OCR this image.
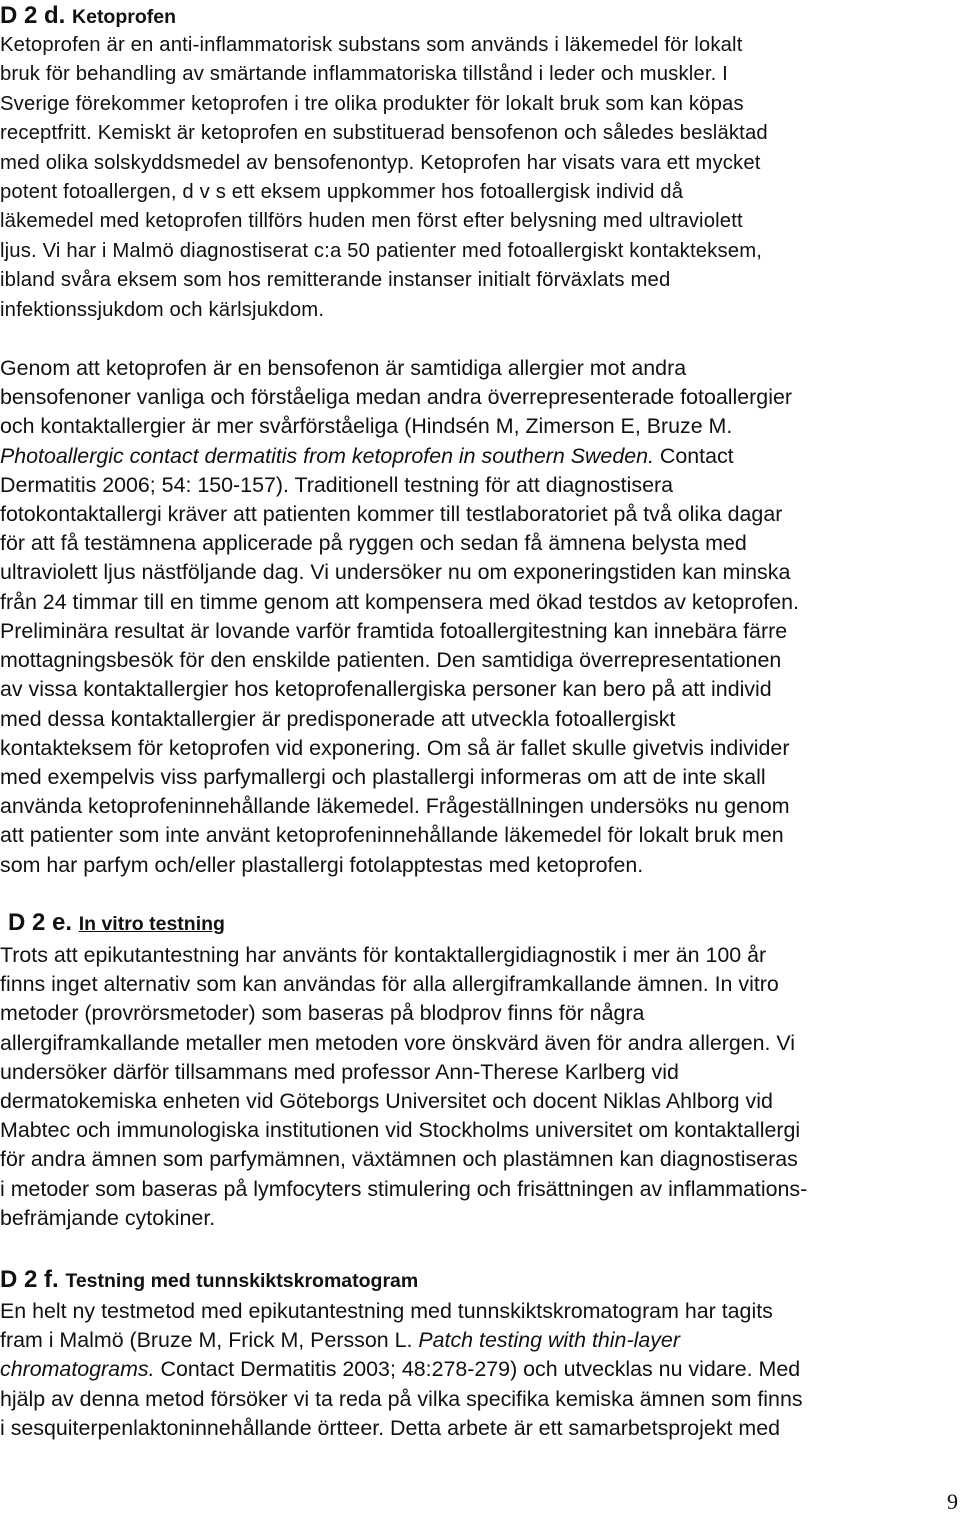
D 2 d. Ketoprofen

Ketoprofen är en anti-inflammatorisk substans som används i läkemedel för lokalt
bruk för behandling av smärtande inflammatoriska tillstånd i leder och muskler. I
Sverige förekommer ketoprofen i tre olika produkter för lokalt bruk som kan köpas
receptfritt. Kemiskt är ketoprofen en substituerad bensofenon och således besläktad
med olika solskyddsmedel av bensofenontyp. Ketoprofen har visats vara ett mycket
potent fotoallergen, d v s ett eksem uppkommer hos fotoallergisk individ då
läkemedel med ketoprofen tillförs huden men först efter belysning med ultraviolett
ljus. Vi har i Malmö diagnostiserat c:a 50 patienter med fotoallergiskt kontakteksem,
ibland svåra eksem som hos remitterande instanser initialt förväxlats med
infektionssjukdom och kärlsjukdom.

Genom att ketoprofen är en bensofenon är samtidiga allergier mot andra
bensofenoner vanliga och förståeliga medan andra överrepresenterade fotoallergier
och kontaktallergier är mer svårförståeliga (Hindsén M, Zimerson E, Bruze M.
Photoallergic contact dermatitis from ketoprofen in southern Sweden. Contact
Dermatitis 2006; 54: 150-157). Traditionell testning för att diagnostisera
fotokontaktallergi kräver att patienten kommer till testlaboratoriet på två olika dagar
för att få testämnena applicerade på ryggen och sedan få ämnena belysta med
ultraviolett ljus nästföljande dag. Vi undersöker nu om exponeringstiden kan minska
från 24 timmar till en timme genom att kompensera med ökad testdos av ketoprofen.
Preliminära resultat är lovande varför framtida fotoallergitestning kan innebära färre
mottagningsbesök för den enskilde patienten. Den samtidiga överrepresentationen
av vissa kontaktallergier hos ketoprofenallergiska personer kan bero på att individ
med dessa kontaktallergier är predisponerade att utveckla fotoallergiskt
kontakteksem för ketoprofen vid exponering. Om så är fallet skulle givetvis individer
med exempelvis viss parfymallergi och plastallergi informeras om att de inte skall
använda ketoprofeninnehållande läkemedel. Frågeställningen undersöks nu genom
att patienter som inte använt ketoprofeninnehållande läkemedel för lokalt bruk men
som har parfym och/eller plastallergi fotolapptestas med ketoprofen.

D 2 e. In vitro testning

Trots att epikutantestning har använts för kontaktallergidiagnostik i mer än 100 år
finns inget alternativ som kan användas för alla allergiframkallande ämnen. In vitro
metoder (provrörsmetoder) som baseras på blodprov finns för några
allergiframkallande metaller men metoden vore önskvärd även för andra allergen. Vi
undersöker därför tillsammans med professor Ann-Therese Karlberg vid
dermatokemiska enheten vid Göteborgs Universitet och docent Niklas Ahlborg vid
Mabtec och immunologiska institutionen vid Stockholms universitet om kontaktallergi
för andra ämnen som parfymämnen, växtämnen och plastämnen kan diagnostiseras
i metoder som baseras på lymfocyters stimulering och frisättningen av inflammations-
befrämjande cytokiner.

D 2 f. Testning med tunnskiktskromatogram

En helt ny testmetod med epikutantestning med tunnskiktskromatogram har tagits
fram i Malmö (Bruze M, Frick M, Persson L. Patch testing with thin-layer
chromatograms. Contact Dermatitis 2003; 48:278-279) och utvecklas nu vidare. Med
hjälp av denna metod försöker vi ta reda på vilka specifika kemiska ämnen som finns
i sesquiterpenlaktoninnehållande örtteer. Detta arbete är ett samarbetsprojekt med

9
